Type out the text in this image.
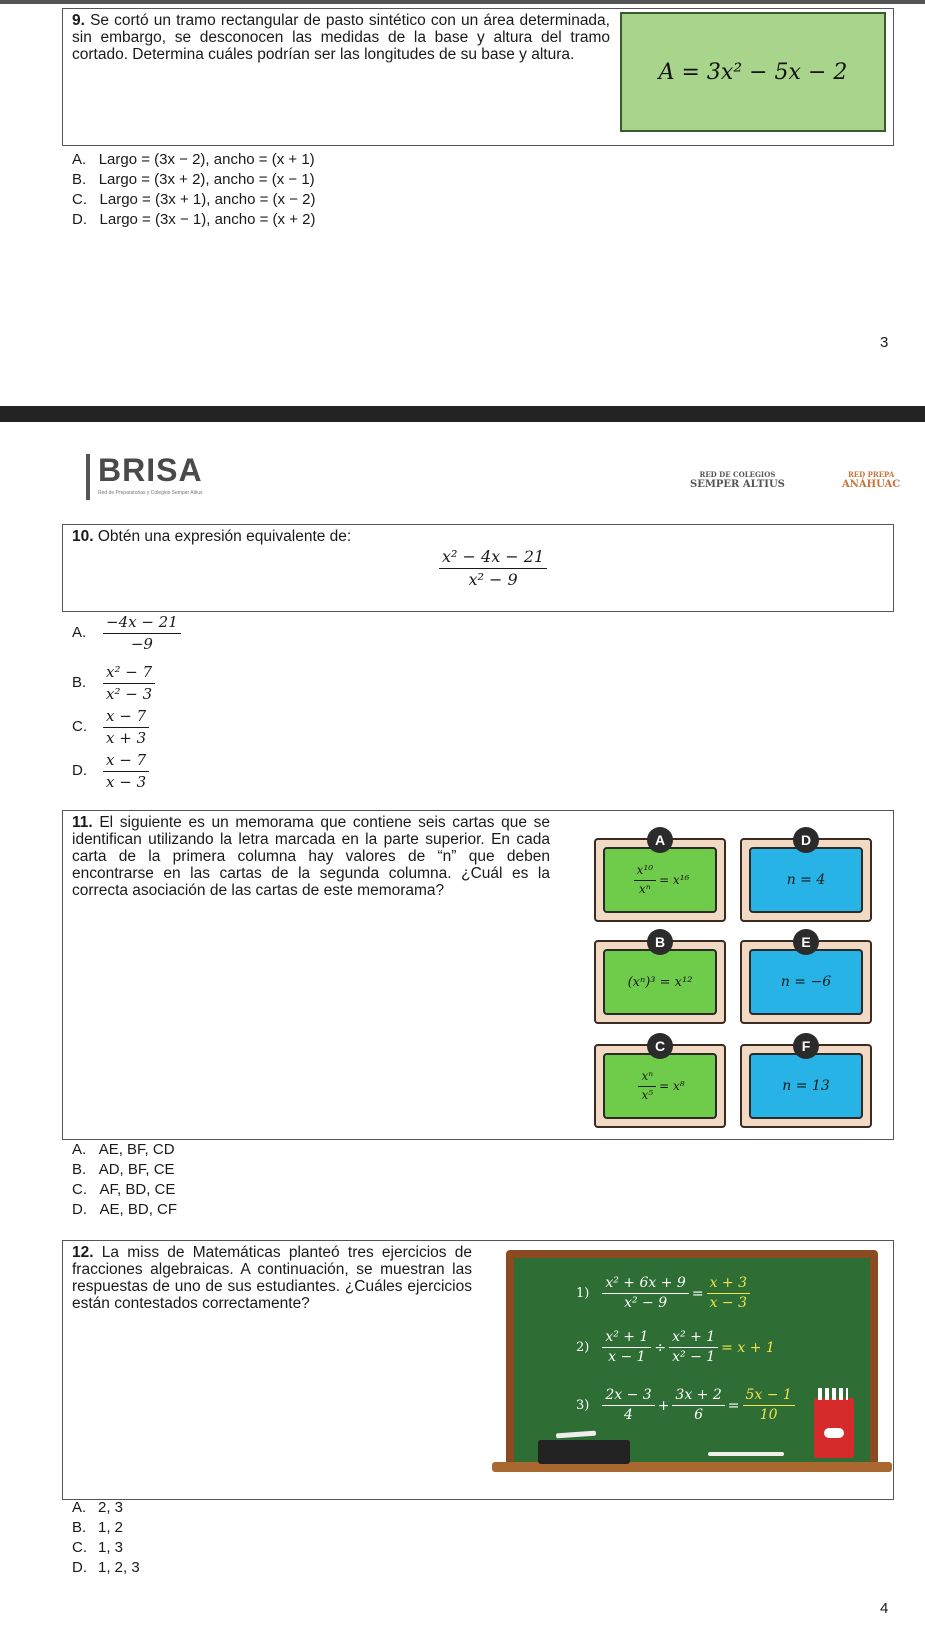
9. Se cortó un tramo rectangular de pasto sintético con un área determinada, sin embargo, se desconocen las medidas de la base y altura del tramo cortado. Determina cuáles podrían ser las longitudes de su base y altura.
A = 3x² − 5x − 2
A. Largo = (3x − 2), ancho = (x + 1)
B. Largo = (3x + 2), ancho = (x − 1)
C. Largo = (3x + 1), ancho = (x − 2)
D. Largo = (3x − 1), ancho = (x + 2)
3
BRISA
Red de Preparatorias y Colegios Semper Altius
RED DE COLEGIOS
SEMPER ALTIUS
RED PREPA
ANÁHUAC
10. Obtén una expresión equivalente de:
$\frac{\text{x² − 4x − 21}}{\text{x² − 9}}$
A.	$\frac{-4x - 21}{-9}$
B.	$\frac{\text{x² − 7}}{\text{x² − 3}}$
C.	$\frac{x - 7}{x + 3}$
D.	$\frac{x - 7}{x - 3}$
11. El siguiente es un memorama que contiene seis cartas que se identifican utilizando la letra marcada en la parte superior. En cada carta de la primera columna hay valores de “n” que deben encontrarse en las cartas de la segunda columna. ¿Cuál es la correcta asociación de las cartas de este memorama?	$\frac{\text{x¹⁰}}{\text{xⁿ}} = x^{16}$
A
n = 4
D
(xⁿ)³ = x¹²
B
n = −6
E
$\frac{\text{xⁿ}}{\text{x⁵}} = x^8$
C
n = 13
F
A. AE, BF, CD
B. AD, BF, CE
C. AF, BD, CE
D. AE, BD, CF
12. La miss de Matemáticas planteó tres ejercicios de fracciones algebraicas. A continuación, se muestran las respuestas de uno de sus estudiantes. ¿Cuáles ejercicios están contestados correctamente?
$1) \frac{\text{x² + 6x + 9}}{\text{x² − 9}} = \frac{x + 3}{x - 3}$
$2) \frac{\text{x² + 1}}{x - 1} \div \frac{\text{x² + 1}}{\text{x² − 1}} = x + 1$
$3) \frac{2x - 3}{4} + \frac{3x + 2}{6} = \frac{5x - 1}{10}$
A. 2, 3
B. 1, 2
C. 1, 3
D. 1, 2, 3
4
